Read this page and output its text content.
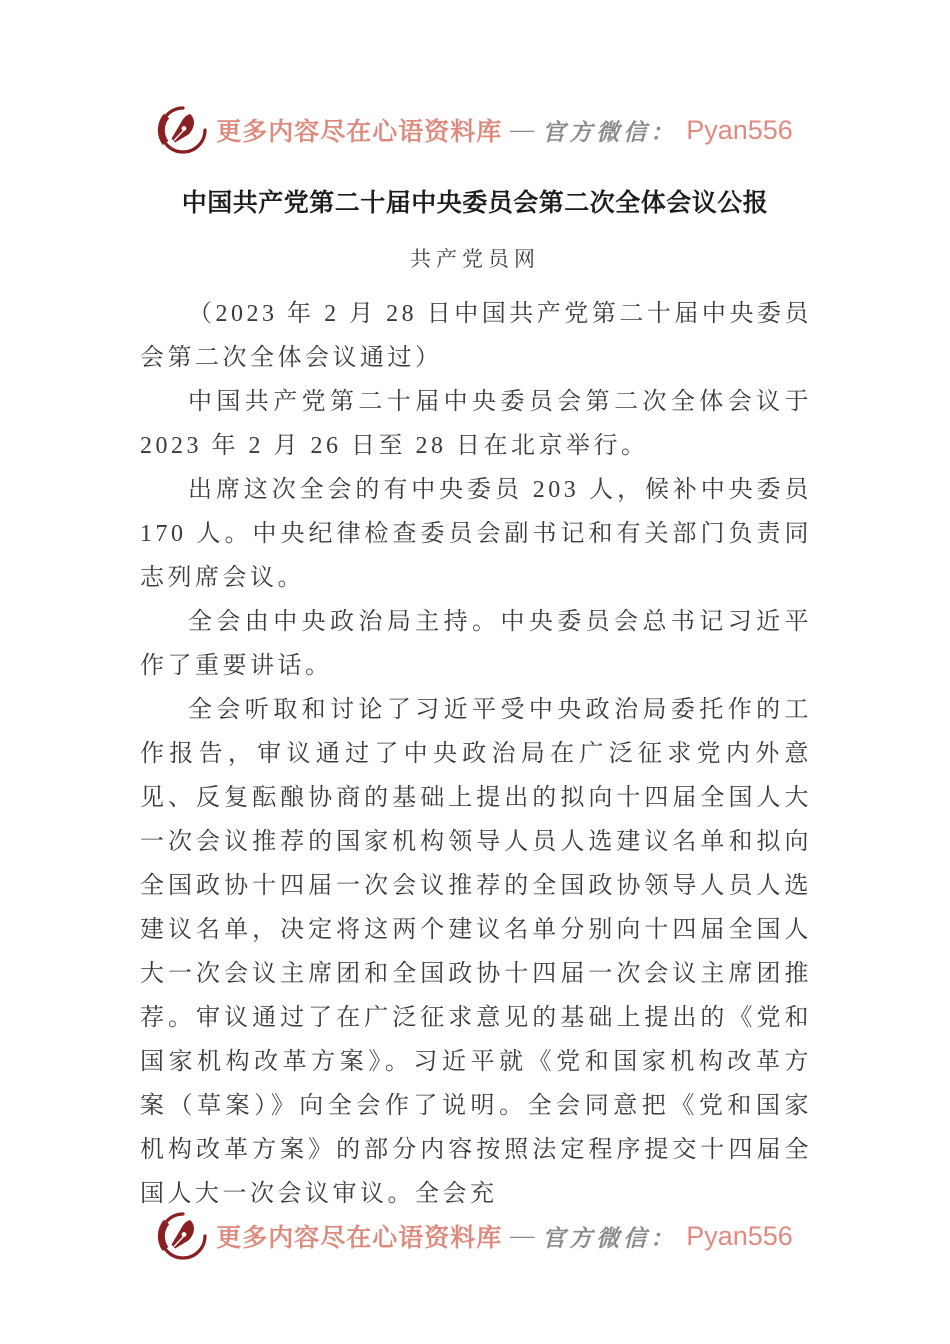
更多内容尽在心语资料库 — 官方微信： Pyan556
中国共产党第二十届中央委员会第二次全体会议公报
共产党员网

（2023 年 2 月 28 日中国共产党第二十届中央委员会第二次全体会议通过）

中国共产党第二十届中央委员会第二次全体会议于 2023 年 2 月 26 日至 28 日在北京举行。

出席这次全会的有中央委员 203 人，候补中央委员 170 人。中央纪律检查委员会副书记和有关部门负责同志列席会议。

全会由中央政治局主持。中央委员会总书记习近平作了重要讲话。

全会听取和讨论了习近平受中央政治局委托作的工作报告，审议通过了中央政治局在广泛征求党内外意见、反复酝酿协商的基础上提出的拟向十四届全国人大一次会议推荐的国家机构领导人员人选建议名单和拟向全国政协十四届一次会议推荐的全国政协领导人员人选建议名单，决定将这两个建议名单分别向十四届全国人大一次会议主席团和全国政协十四届一次会议主席团推荐。审议通过了在广泛征求意见的基础上提出的《党和国家机构改革方案》。习近平就《党和国家机构改革方案（草案）》向全会作了说明。全会同意把《党和国家机构改革方案》的部分内容按照法定程序提交十四届全国人大一次会议审议。全会充

更多内容尽在心语资料库 — 官方微信： Pyan556
